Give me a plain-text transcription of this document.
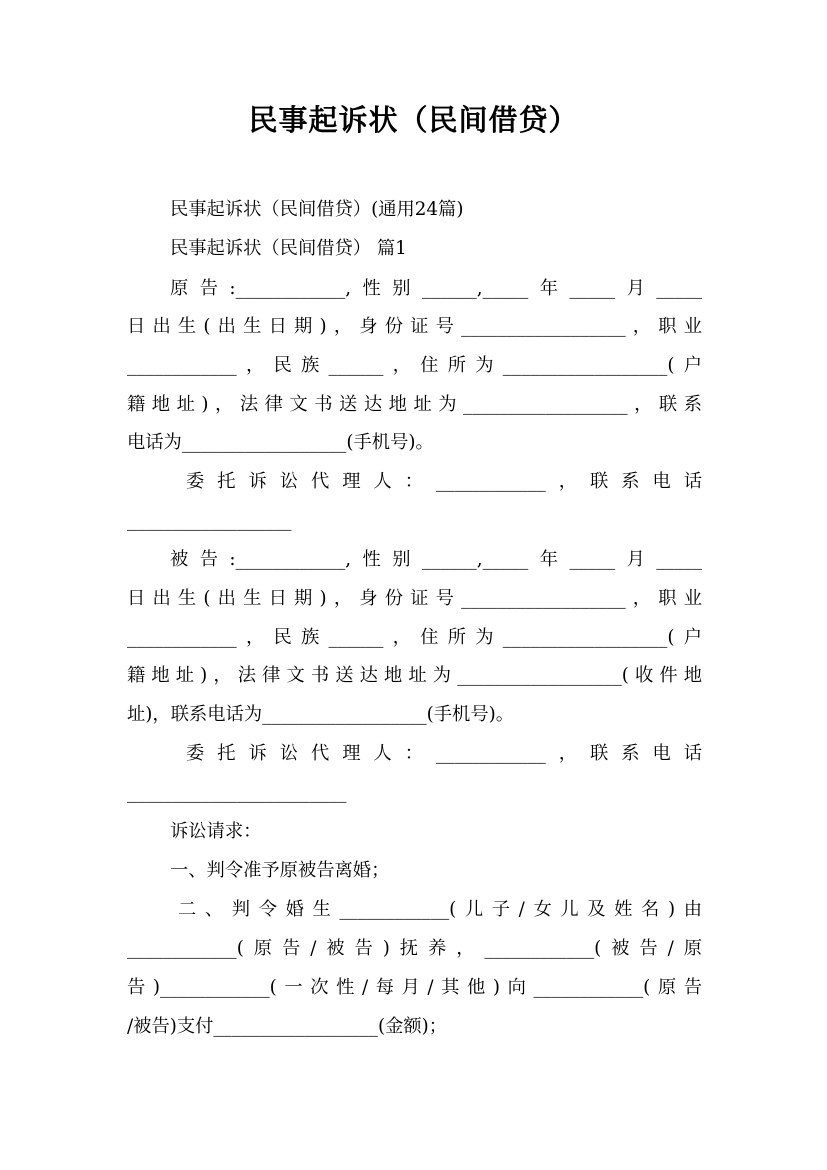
民事起诉状（民间借贷）
民事起诉状（民间借贷）(通用24篇)
民事起诉状（民间借贷） 篇1
原告:____________,性别______,_____年_____月_____
日出生(出生日期)，身份证号__________________，职业
____________，民族______，住所为__________________(户
籍地址)，法律文书送达地址为__________________，联系
电话为__________________(手机号)。
委托诉讼代理人：____________，联系电话
__________________
被告:____________,性别______,_____年_____月_____
日出生(出生日期)，身份证号__________________，职业
____________，民族______，住所为__________________(户
籍地址)，法律文书送达地址为__________________(收件地
址)，联系电话为__________________(手机号)。
委托诉讼代理人：____________，联系电话
________________________
诉讼请求：
一、判令准予原被告离婚；
二、判令婚生____________(儿子/女儿及姓名)由
____________(原告/被告)抚养，____________(被告/原
告)____________(一次性/每月/其他)向____________(原告
/被告)支付__________________(金额)；
